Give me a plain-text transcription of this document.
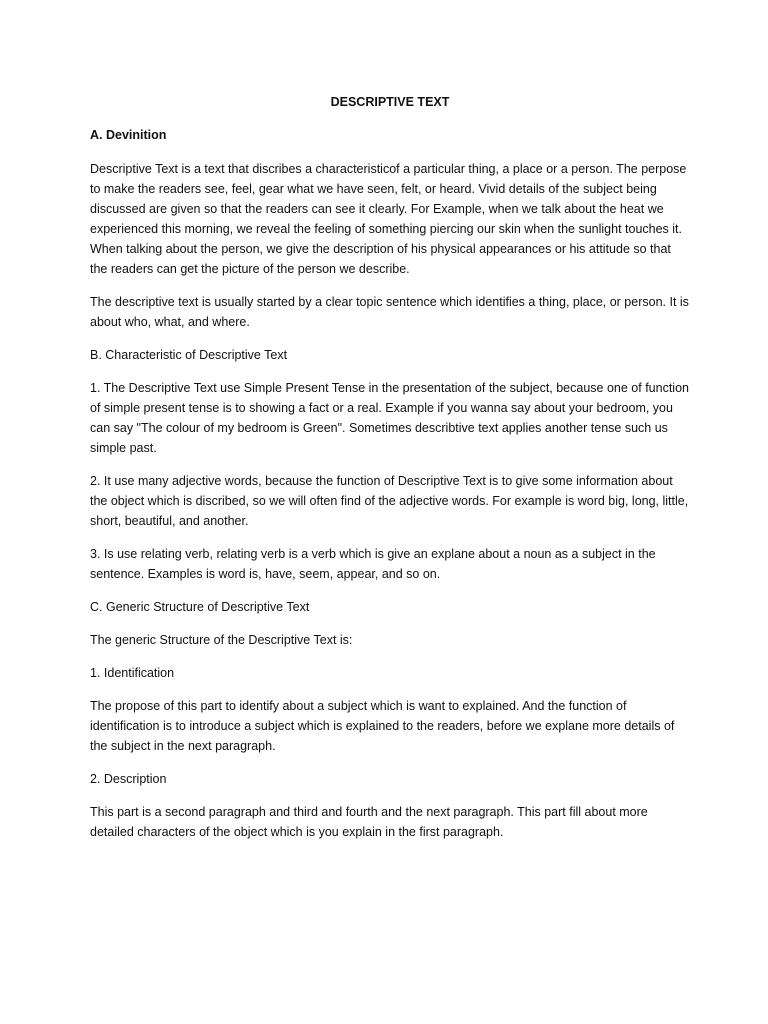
DESCRIPTIVE TEXT
A. Devinition

Descriptive Text is a text that discribes a characteristicof a particular thing, a place or a person. The perpose to make the readers see, feel, gear what we have seen, felt, or heard. Vivid details of the subject being discussed are given so that the readers can see it clearly. For Example, when we talk about the heat we experienced this morning, we reveal the feeling of something piercing our skin when the sunlight touches it. When talking about the person, we give the description of his physical appearances or his attitude so that the readers can get the picture of the person we describe.

The descriptive text is usually started by a clear topic sentence which identifies a thing, place, or person. It is about who, what, and where.

B. Characteristic of Descriptive Text

1. The Descriptive Text use Simple Present Tense in the presentation of the subject, because one of function of simple present tense is to showing a fact or a real. Example if you wanna say about your bedroom, you can say "The colour of my bedroom is Green". Sometimes describtive text applies another tense such us simple past.

2. It use many adjective words, because the function of Descriptive Text is to give some information about the object which is discribed, so we will often find of the adjective words. For example is word big, long, little, short, beautiful, and another.

3. Is use relating verb, relating verb is a verb which is give an explane about a noun as a subject in the sentence. Examples is word is, have, seem, appear, and so on.

C. Generic Structure of Descriptive Text

The generic Structure of the Descriptive Text is:

1. Identification

The propose of this part to identify about a subject which is want to explained. And the function of identification is to introduce a subject which is explained to the readers, before we explane more details of the subject in the next paragraph.

2. Description

This part is a second paragraph and third and fourth and the next paragraph. This part fill about more detailed characters of the object which is you explain in the first paragraph.
